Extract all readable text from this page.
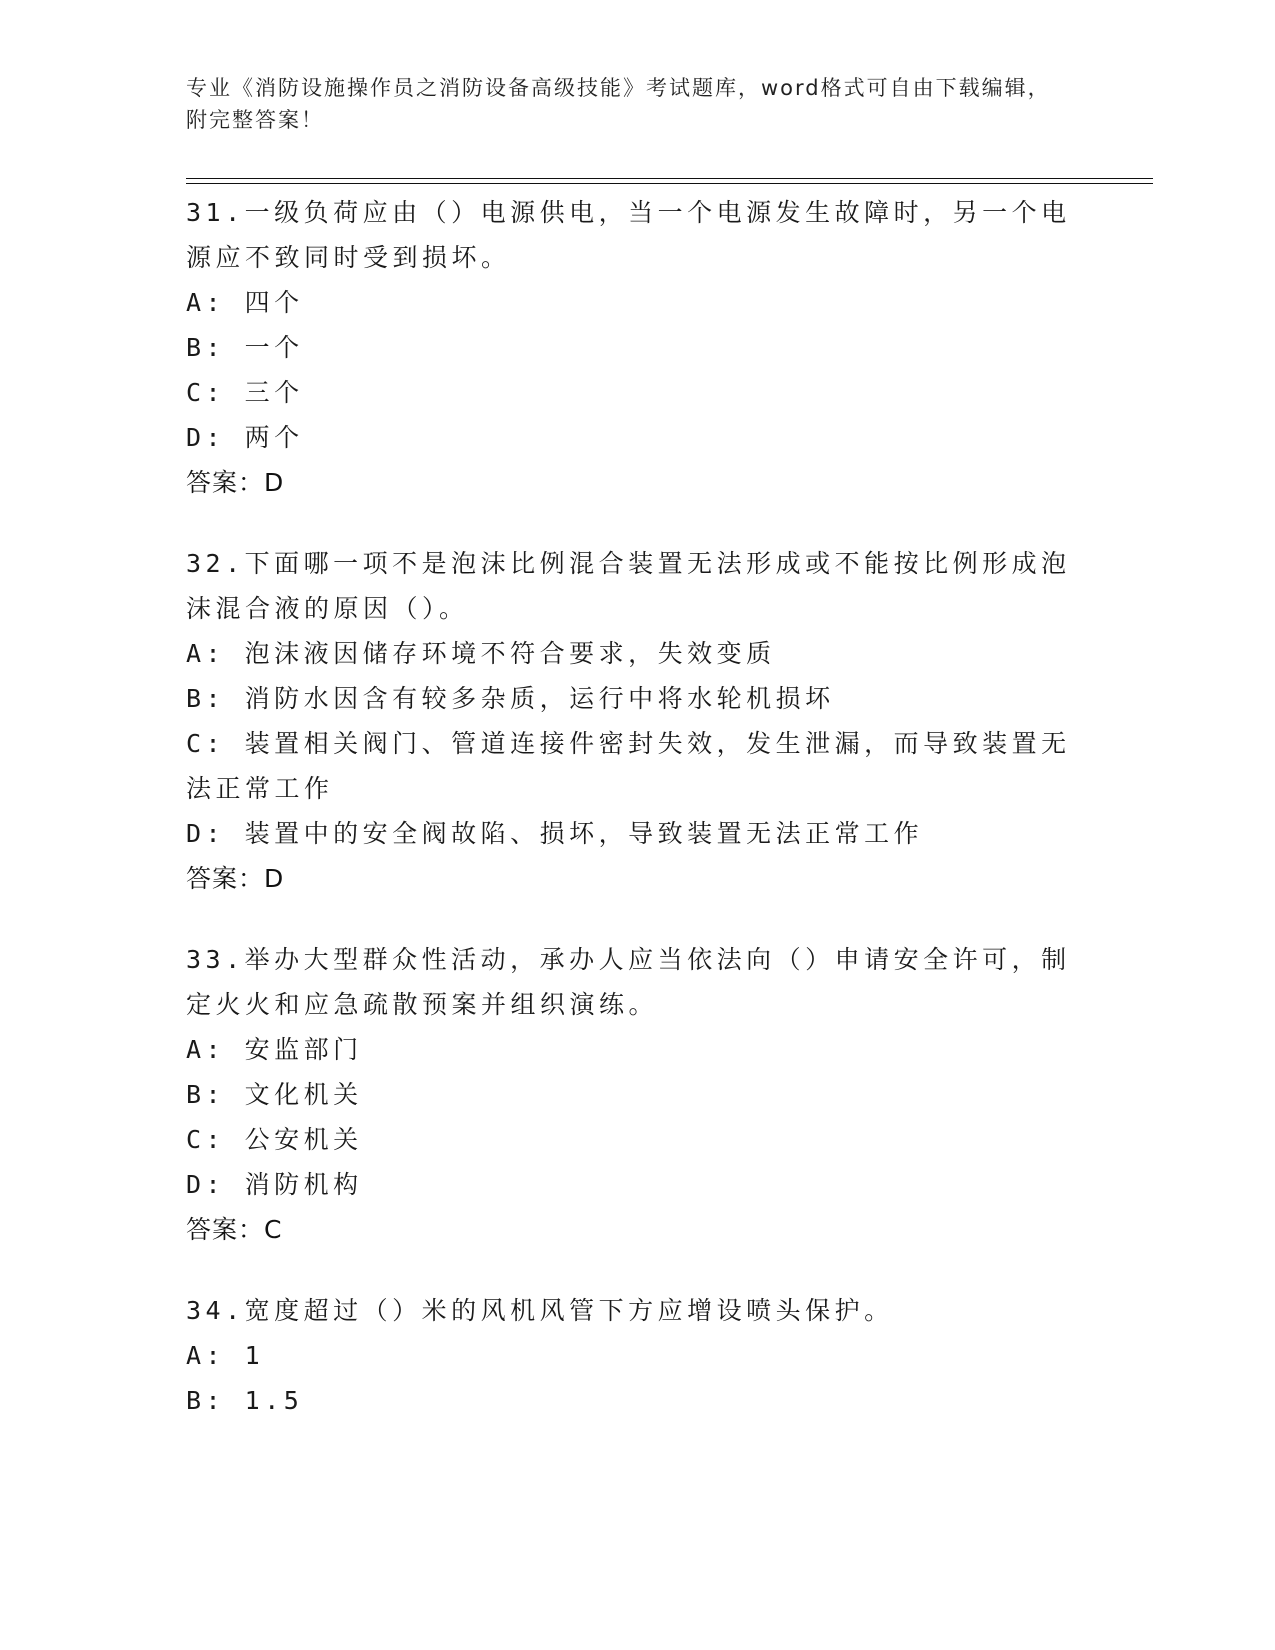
专业《消防设施操作员之消防设备高级技能》考试题库，word格式可自由下载编辑，附完整答案！
31.一级负荷应由（）电源供电，当一个电源发生故障时，另一个电源应不致同时受到损坏。
A: 四个
B: 一个
C: 三个
D: 两个
答案：D
32.下面哪一项不是泡沫比例混合装置无法形成或不能按比例形成泡沫混合液的原因（）。
A: 泡沫液因储存环境不符合要求，失效变质
B: 消防水因含有较多杂质，运行中将水轮机损坏
C: 装置相关阀门、管道连接件密封失效，发生泄漏，而导致装置无法正常工作
D: 装置中的安全阀故陷、损坏，导致装置无法正常工作
答案：D
33.举办大型群众性活动，承办人应当依法向（）申请安全许可，制定火火和应急疏散预案并组织演练。
A: 安监部门
B: 文化机关
C: 公安机关
D: 消防机构
答案：C
34.宽度超过（）米的风机风管下方应增设喷头保护。
A: 1
B: 1.5
